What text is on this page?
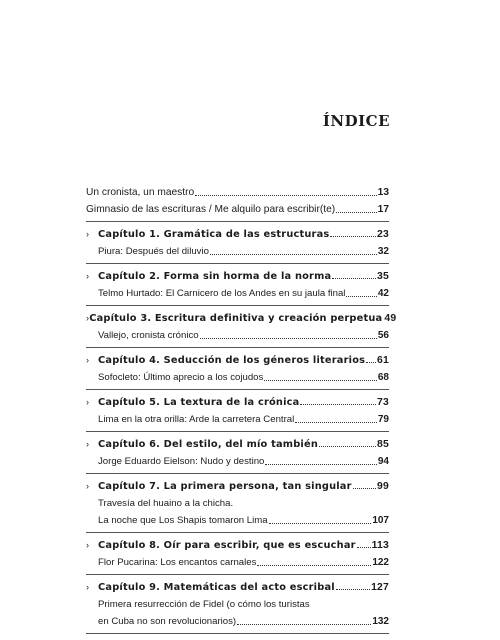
ÍNDICE
Un cronista, un maestro	13
Gimnasio de las escrituras / Me alquilo para escribir(te)	17
› Capítulo 1. Gramática de las estructuras	23
Piura: Después del diluvio	32
› Capítulo 2. Forma sin horma de la norma	35
Telmo Hurtado: El Carnicero de los Andes en su jaula final	42
› Capítulo 3. Escritura definitiva y creación perpetua 49
Vallejo, cronista crónico	56
› Capítulo 4. Seducción de los géneros literarios 61
Sofocleto: Último aprecio a los cojudos	68
› Capítulo 5. La textura de la crónica	73
Lima en la otra orilla: Arde la carretera Central	79
› Capítulo 6. Del estilo, del mío también	85
Jorge Eduardo Eielson: Nudo y destino	94
› Capítulo 7. La primera persona, tan singular 99
Travesía del huaino a la chicha.
La noche que Los Shapis tomaron Lima	107
› Capítulo 8. Oír para escribir, que es escuchar 113
Flor Pucarina: Los encantos carnales	122
› Capítulo 9. Matemáticas del acto escribal	127
Primera resurrección de Fidel (o cómo los turistas
en Cuba no son revolucionarios)	132
